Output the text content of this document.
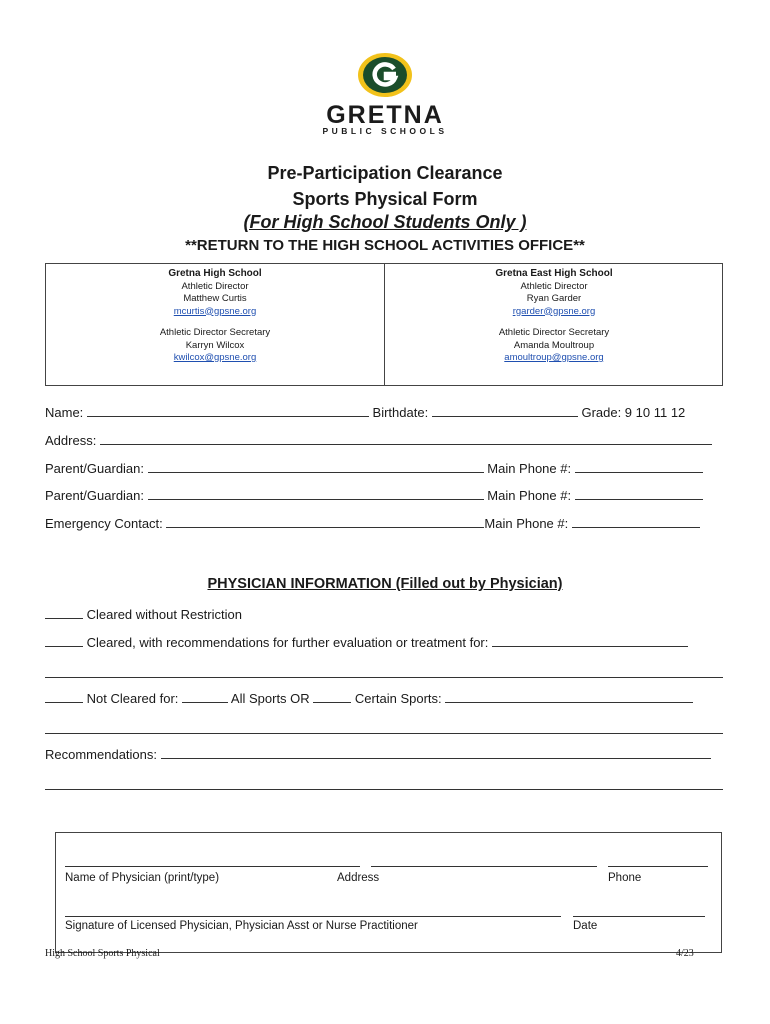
GRETNA
PUBLIC SCHOOLS
Pre-Participation Clearance
Sports Physical Form
(For High School Students Only )
**RETURN TO THE HIGH SCHOOL ACTIVITIES OFFICE**
Gretna High School
Athletic Director
Matthew Curtis
mcurtis@gpsne.org
Athletic Director Secretary
Karryn Wilcox
kwilcox@gpsne.org
Gretna East High School
Athletic Director
Ryan Garder
rgarder@gpsne.org
Athletic Director Secretary
Amanda Moultroup
amoultroup@gpsne.org
Name:	Birthdate:	Grade: 9 10 11 12
Address:
Parent/Guardian:	Main Phone #:
Parent/Guardian:	Main Phone #:
Emergency Contact:	Main Phone #:
PHYSICIAN INFORMATION (Filled out by Physician)
Cleared without Restriction
Cleared, with recommendations for further evaluation or treatment for:
Not Cleared for:	All Sports OR	Certain Sports:
Recommendations:
Name of Physician (print/type)	Address	Phone
Signature of Licensed Physician, Physician Asst or Nurse Practitioner	Date
High School Sports Physical	4/23
